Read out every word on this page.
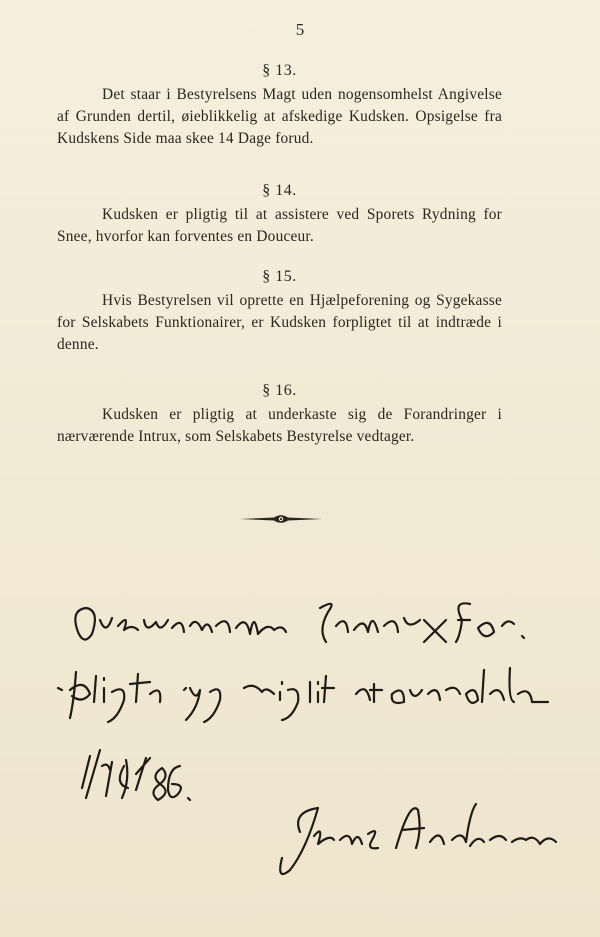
5

§ 13.

Det staar i Bestyrelsens Magt uden nogensomhelst Angivelse af Grunden dertil, øieblikkelig at afskedige Kudsken. Opsigelse fra Kudskens Side maa skee 14 Dage forud.

§ 14.

Kudsken er pligtig til at assistere ved Sporets Rydning for Snee, hvorfor kan forventes en Douceur.

§ 15.

Hvis Bestyrelsen vil oprette en Hjælpeforening og Sygekasse for Selskabets Funktionairer, er Kudsken forpligtet til at indtræde i denne.

§ 16.

Kudsken er pligtig at underkaste sig de Forandringer i nærværende Intrux, som Selskabets Bestyrelse vedtager.
